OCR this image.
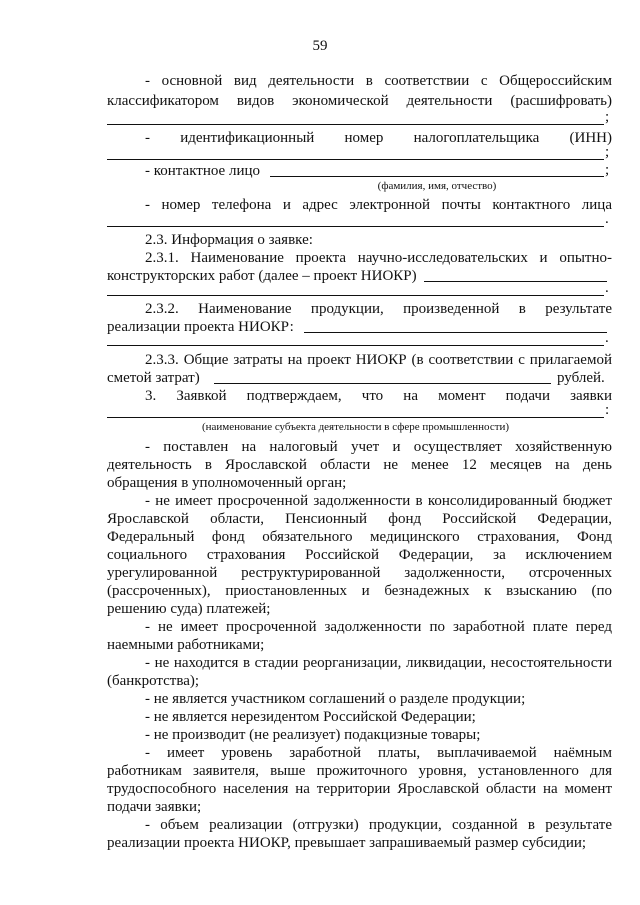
59
- основной вид деятельности в соответствии с Общероссийским
классификатором видов экономической деятельности (расшифровать)
;
- идентификационный номер налогоплательщика (ИНН)
;
- контактное лицо	;
(фамилия, имя, отчество)
- номер телефона и адрес электронной почты контактного лица
.
2.3. Информация о заявке:
2.3.1. Наименование проекта научно-исследовательских и опытно-
конструкторских работ (далее – проект НИОКР)
.
2.3.2. Наименование продукции, произведенной в результате
реализации проекта НИОКР:
.
2.3.3. Общие затраты на проект НИОКР (в соответствии с прилагаемой
сметой затрат)	рублей.
3. Заявкой подтверждаем, что на момент подачи заявки
:
(наименование субъекта деятельности в сфере промышленности)
- поставлен на налоговый учет и осуществляет хозяйственную
деятельность в Ярославской области не менее 12 месяцев на день
обращения в уполномоченный орган;
- не имеет просроченной задолженности в консолидированный бюджет
Ярославской области, Пенсионный фонд Российской Федерации,
Федеральный фонд обязательного медицинского страхования, Фонд
социального страхования Российской Федерации, за исключением
урегулированной реструктурированной задолженности, отсроченных
(рассроченных), приостановленных и безнадежных к взысканию (по
решению суда) платежей;
- не имеет просроченной задолженности по заработной плате перед
наемными работниками;
- не находится в стадии реорганизации, ликвидации, несостоятельности
(банкротства);
- не является участником соглашений о разделе продукции;
- не является нерезидентом Российской Федерации;
- не производит (не реализует) подакцизные товары;
- имеет уровень заработной платы, выплачиваемой наёмным
работникам заявителя, выше прожиточного уровня, установленного для
трудоспособного населения на территории Ярославской области на момент
подачи заявки;
- объем реализации (отгрузки) продукции, созданной в результате
реализации проекта НИОКР, превышает запрашиваемый размер субсидии;
